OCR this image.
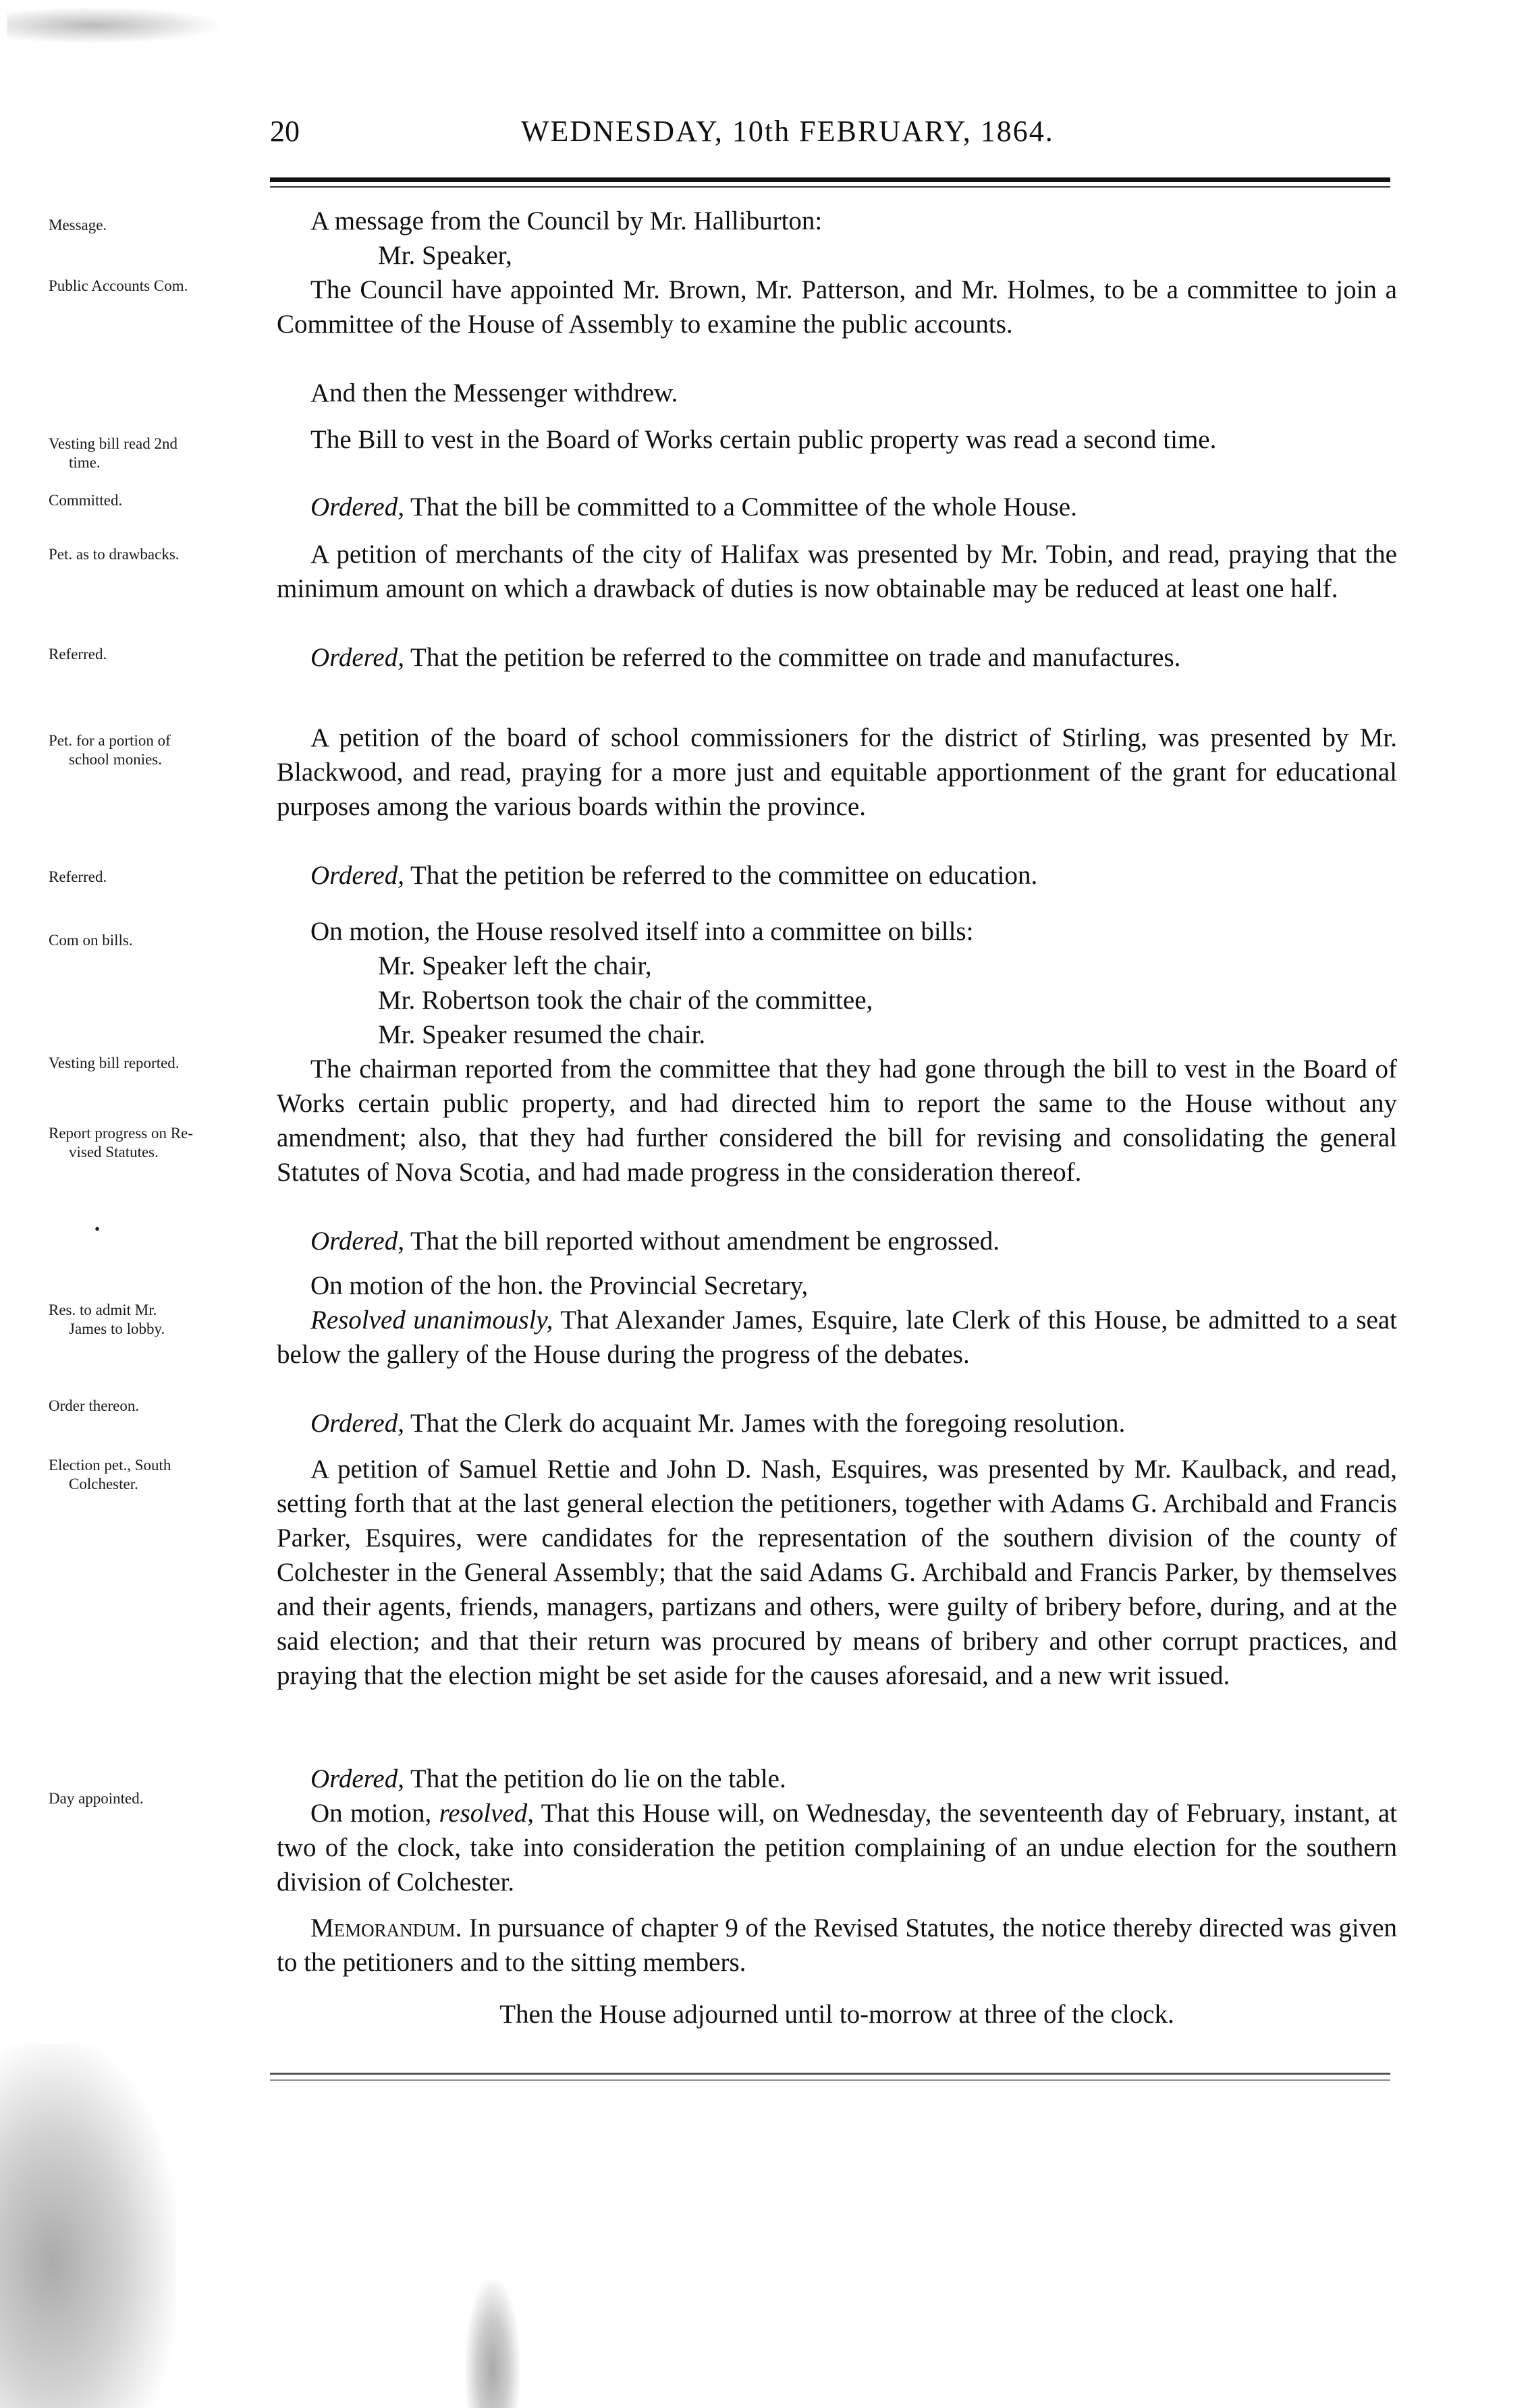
20	WEDNESDAY, 10th FEBRUARY, 1864.
Message.
Public Accounts Com.
Vesting bill read 2nd
time.
Committed.
Pet. as to drawbacks.
Referred.
Pet. for a portion of
school monies.
Referred.
Com on bills.
Vesting bill reported.
Report progress on Re-
vised Statutes.
•
Res. to admit Mr.
James to lobby.
Order thereon.
Election pet., South
Colchester.
Day appointed.
A message from the Council by Mr. Halliburton:
Mr. Speaker,
The Council have appointed Mr. Brown, Mr. Patterson, and Mr. Holmes, to be a committee to join a Committee of the House of Assembly to examine the public accounts.
And then the Messenger withdrew.
The Bill to vest in the Board of Works certain public property was read a second time.
Ordered, That the bill be committed to a Committee of the whole House.
A petition of merchants of the city of Halifax was presented by Mr. Tobin, and read, praying that the minimum amount on which a drawback of duties is now obtainable may be reduced at least one half.
Ordered, That the petition be referred to the committee on trade and manufactures.
A petition of the board of school commissioners for the district of Stirling, was presented by Mr. Blackwood, and read, praying for a more just and equitable apportionment of the grant for educational purposes among the various boards within the province.
Ordered, That the petition be referred to the committee on education.
On motion, the House resolved itself into a committee on bills:
Mr. Speaker left the chair,
Mr. Robertson took the chair of the committee,
Mr. Speaker resumed the chair.
The chairman reported from the committee that they had gone through the bill to vest in the Board of Works certain public property, and had directed him to report the same to the House without any amendment; also, that they had further considered the bill for revising and consolidating the general Statutes of Nova Scotia, and had made progress in the consideration thereof.
Ordered, That the bill reported without amendment be engrossed.
On motion of the hon. the Provincial Secretary,
Resolved unanimously, That Alexander James, Esquire, late Clerk of this House, be admitted to a seat below the gallery of the House during the progress of the debates.
Ordered, That the Clerk do acquaint Mr. James with the foregoing resolution.
A petition of Samuel Rettie and John D. Nash, Esquires, was presented by Mr. Kaulback, and read, setting forth that at the last general election the petitioners, together with Adams G. Archibald and Francis Parker, Esquires, were candidates for the representation of the southern division of the county of Colchester in the General Assembly; that the said Adams G. Archibald and Francis Parker, by themselves and their agents, friends, managers, partizans and others, were guilty of bribery before, during, and at the said election; and that their return was procured by means of bribery and other corrupt practices, and praying that the election might be set aside for the causes aforesaid, and a new writ issued.
Ordered, That the petition do lie on the table.
On motion, resolved, That this House will, on Wednesday, the seventeenth day of February, instant, at two of the clock, take into consideration the petition complaining of an undue election for the southern division of Colchester.
Memorandum. In pursuance of chapter 9 of the Revised Statutes, the notice thereby directed was given to the petitioners and to the sitting members.
Then the House adjourned until to-morrow at three of the clock.
